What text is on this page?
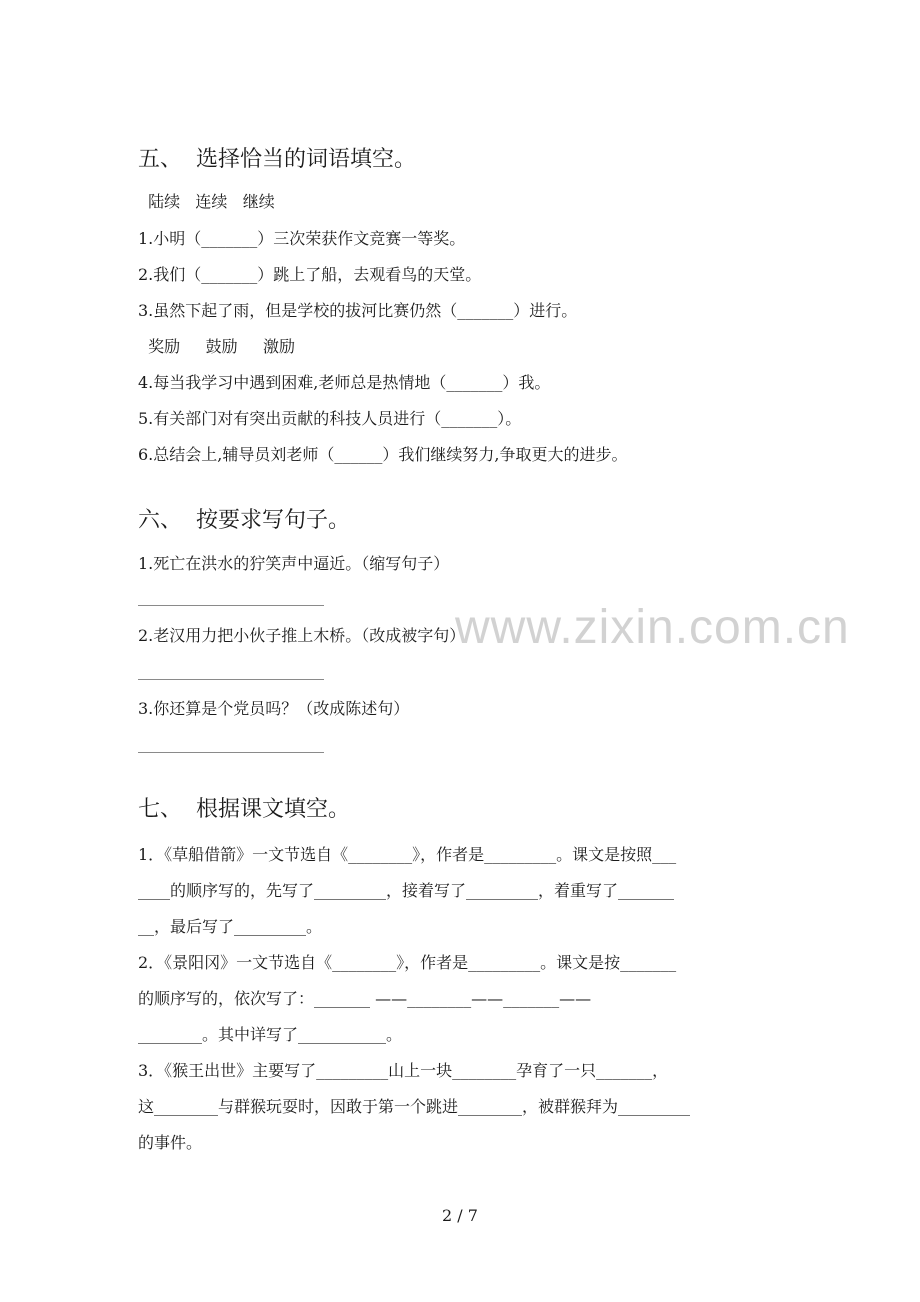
www.zixin.com.cn
五、  选择恰当的词语填空。
陆续   连续   继续
1.小明（_______）三次荣获作文竞赛一等奖。
2.我们（_______）跳上了船，去观看鸟的天堂。
3.虽然下起了雨，但是学校的拔河比赛仍然（_______）进行。
奖励     鼓励     激励
4.每当我学习中遇到困难,老师总是热情地（_______）我。
5.有关部门对有突出贡献的科技人员进行（_______）。
6.总结会上,辅导员刘老师（______）我们继续努力,争取更大的进步。
六、  按要求写句子。
1.死亡在洪水的狞笑声中逼近。（缩写句子）
2.老汉用力把小伙子推上木桥。（改成被字句）
3.你还算是个党员吗？（改成陈述句）
七、  根据课文填空。
1．《草船借箭》一文节选自《________》，作者是_________。课文是按照___
____的顺序写的，先写了_________，接着写了_________，着重写了_______
__，最后写了_________。
2．《景阳冈》一文节选自《________》，作者是_________。课文是按_______
的顺序写的，依次写了：_______ ——________——_______——
________。其中详写了___________。
3．《猴王出世》主要写了_________山上一块________孕育了一只_______，
这________与群猴玩耍时，因敢于第一个跳进________，被群猴拜为_________
的事件。
2 / 7
